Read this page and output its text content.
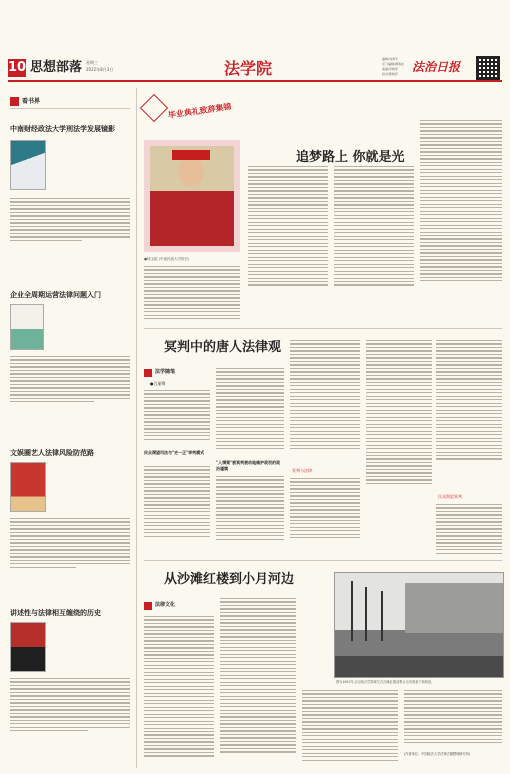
10 思想部落 星期三
2022年8月3日	法学院	编辑/刘秀芳
见习编辑/柳春洁
美编/李晓军
校对/陈晓萍	法治日报
看书界
中南财经政法大学刑法学发展镜影
企业全周期运营法律问题入门
文娱圈艺人法律风险防范路
讲述性与法律相互缠绕的历史
毕业典礼致辞集锦
●林玉振 (中南民族大学校长)
追梦路上 你就是光
冥判中的唐人法律观
法学随笔
●吕丽骞
民众渴望司法与"史一正"审判模式
"入情案"被冥判被动地维护政权的政治谨慎	冥判与法律
民众渴望冥判
从沙滩红楼到小月河边
法律文化
图为1952年,北京政法学院师生在沙滩红楼前集合出发准备于新校址。
(作者单位：中国政法大学法律古籍整理研究所)
